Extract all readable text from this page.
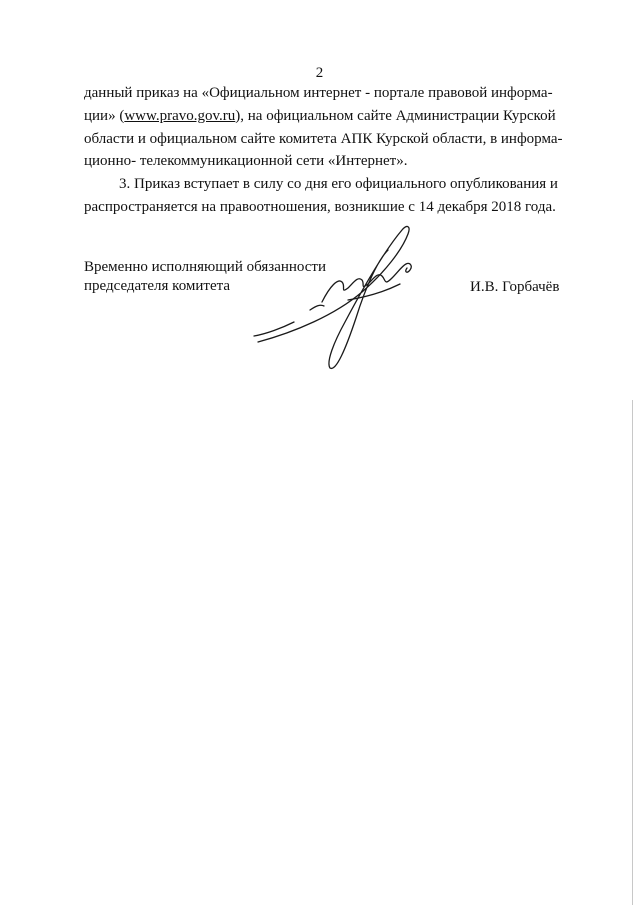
2
данный приказ на «Официальном интернет - портале правовой информа-
ции» (www.pravo.gov.ru), на официальном сайте Администрации Курской
области и официальном сайте комитета АПК Курской области, в информа-
ционно- телекоммуникационной сети «Интернет».
3. Приказ вступает в силу со дня его официального опубликования и
распространяется на правоотношения, возникшие с 14 декабря 2018 года.
Временно исполняющий обязанности
председателя комитета	И.В. Горбачёв
